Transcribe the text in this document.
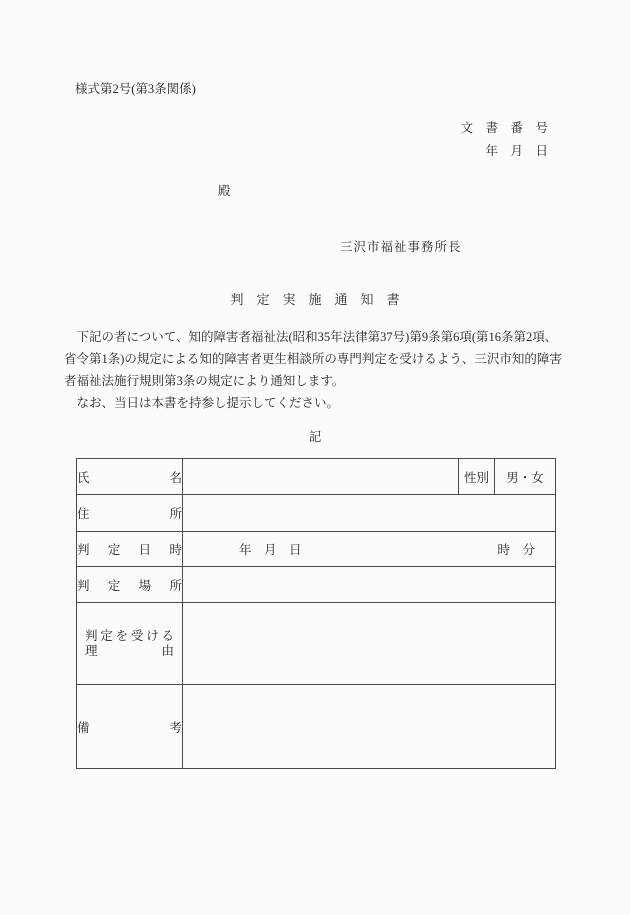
様式第2号(第3条関係)
文　書　番　号
年　月　日
殿
三沢市福祉事務所長
判　定　実　施　通　知　書
　下記の者について、知的障害者福祉法(昭和35年法律第37号)第9条第6項(第16条第2項、
省令第1条)の規定による知的障害者更生相談所の専門判定を受けるよう、三沢市知的障害
者福祉法施行規則第3条の規定により通知します。
　なお、当日は本書を持参し提示してください。
記
氏　名		性別	男・女
住　所			
判　定　日　時	年　月　日 時　分		

判　定　場　所			

判定を受ける
理　由			

備　考			
